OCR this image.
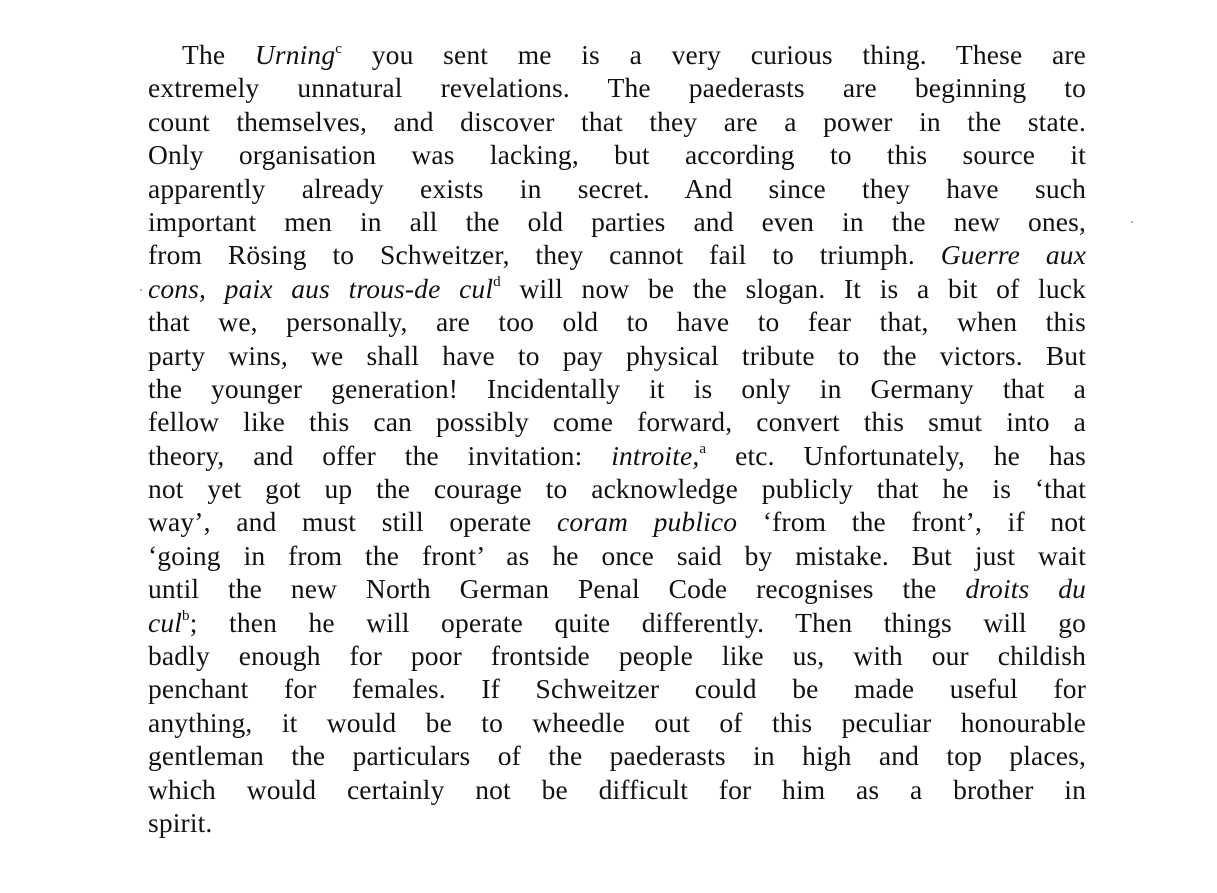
The Urning$^c$ you sent me is a very curious thing. These are
extremely unnatural revelations. The paederasts are beginning to
count themselves, and discover that they are a power in the state.
Only organisation was lacking, but according to this source it
apparently already exists in secret. And since they have such
important men in all the old parties and even in the new ones,
from Rösing to Schweitzer, they cannot fail to triumph. Guerre aux
cons, paix aus trous-de cul$^d$ will now be the slogan. It is a bit of luck
that we, personally, are too old to have to fear that, when this
party wins, we shall have to pay physical tribute to the victors. But
the younger generation! Incidentally it is only in Germany that a
fellow like this can possibly come forward, convert this smut into a
theory, and offer the invitation: introite,$^a$ etc. Unfortunately, he has
not yet got up the courage to acknowledge publicly that he is ‘that
way’, and must still operate coram publico ‘from the front’, if not
‘going in from the front’ as he once said by mistake. But just wait
until the new North German Penal Code recognises the droits du
cul$^b$; then he will operate quite differently. Then things will go
badly enough for poor frontside people like us, with our childish
penchant for females. If Schweitzer could be made useful for
anything, it would be to wheedle out of this peculiar honourable
gentleman the particulars of the paederasts in high and top places,
which would certainly not be difficult for him as a brother in
spirit.
